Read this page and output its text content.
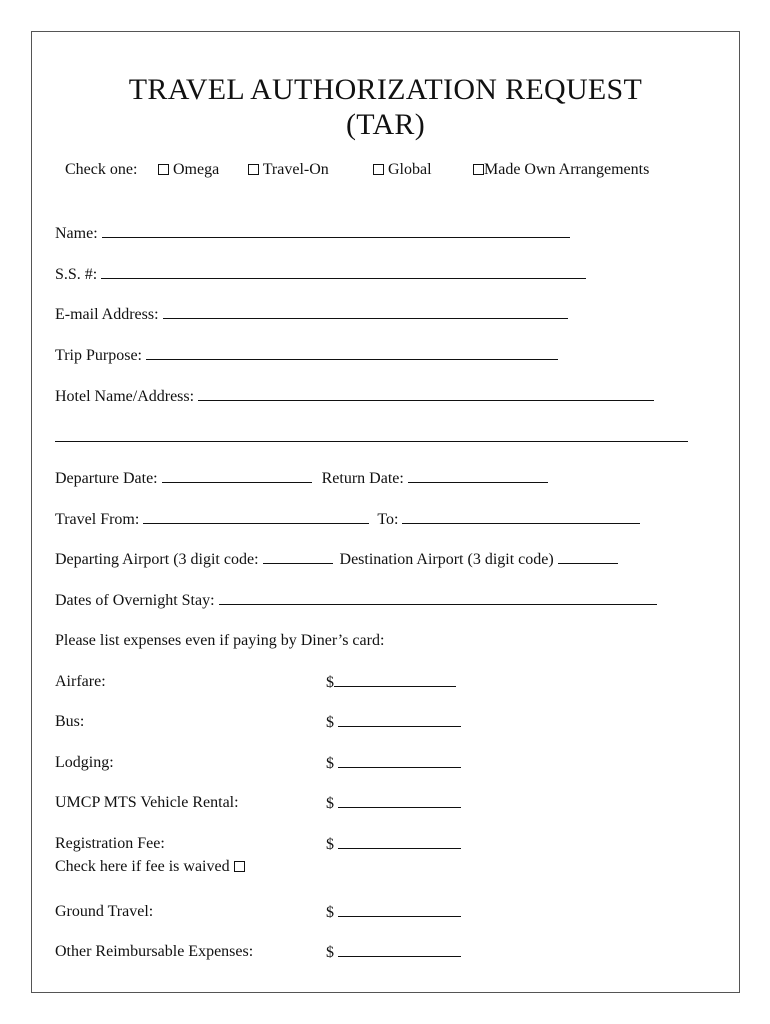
TRAVEL AUTHORIZATION REQUEST
(TAR)
Check one:	Omega	Travel-On	Global	Made Own Arrangements
Name:
S.S. #:
E-mail Address:
Trip Purpose:
Hotel Name/Address:
Departure Date:	Return Date:
Travel From:	To:
Departing Airport (3 digit code:	Destination Airport (3 digit code)
Dates of Overnight Stay:
Please list expenses even if paying by Diner’s card:
Airfare:	$
Bus:	$
Lodging:	$
UMCP MTS Vehicle Rental:	$
Registration Fee:	$
Check here if fee is waived
Ground Travel:	$
Other Reimbursable Expenses:	$
